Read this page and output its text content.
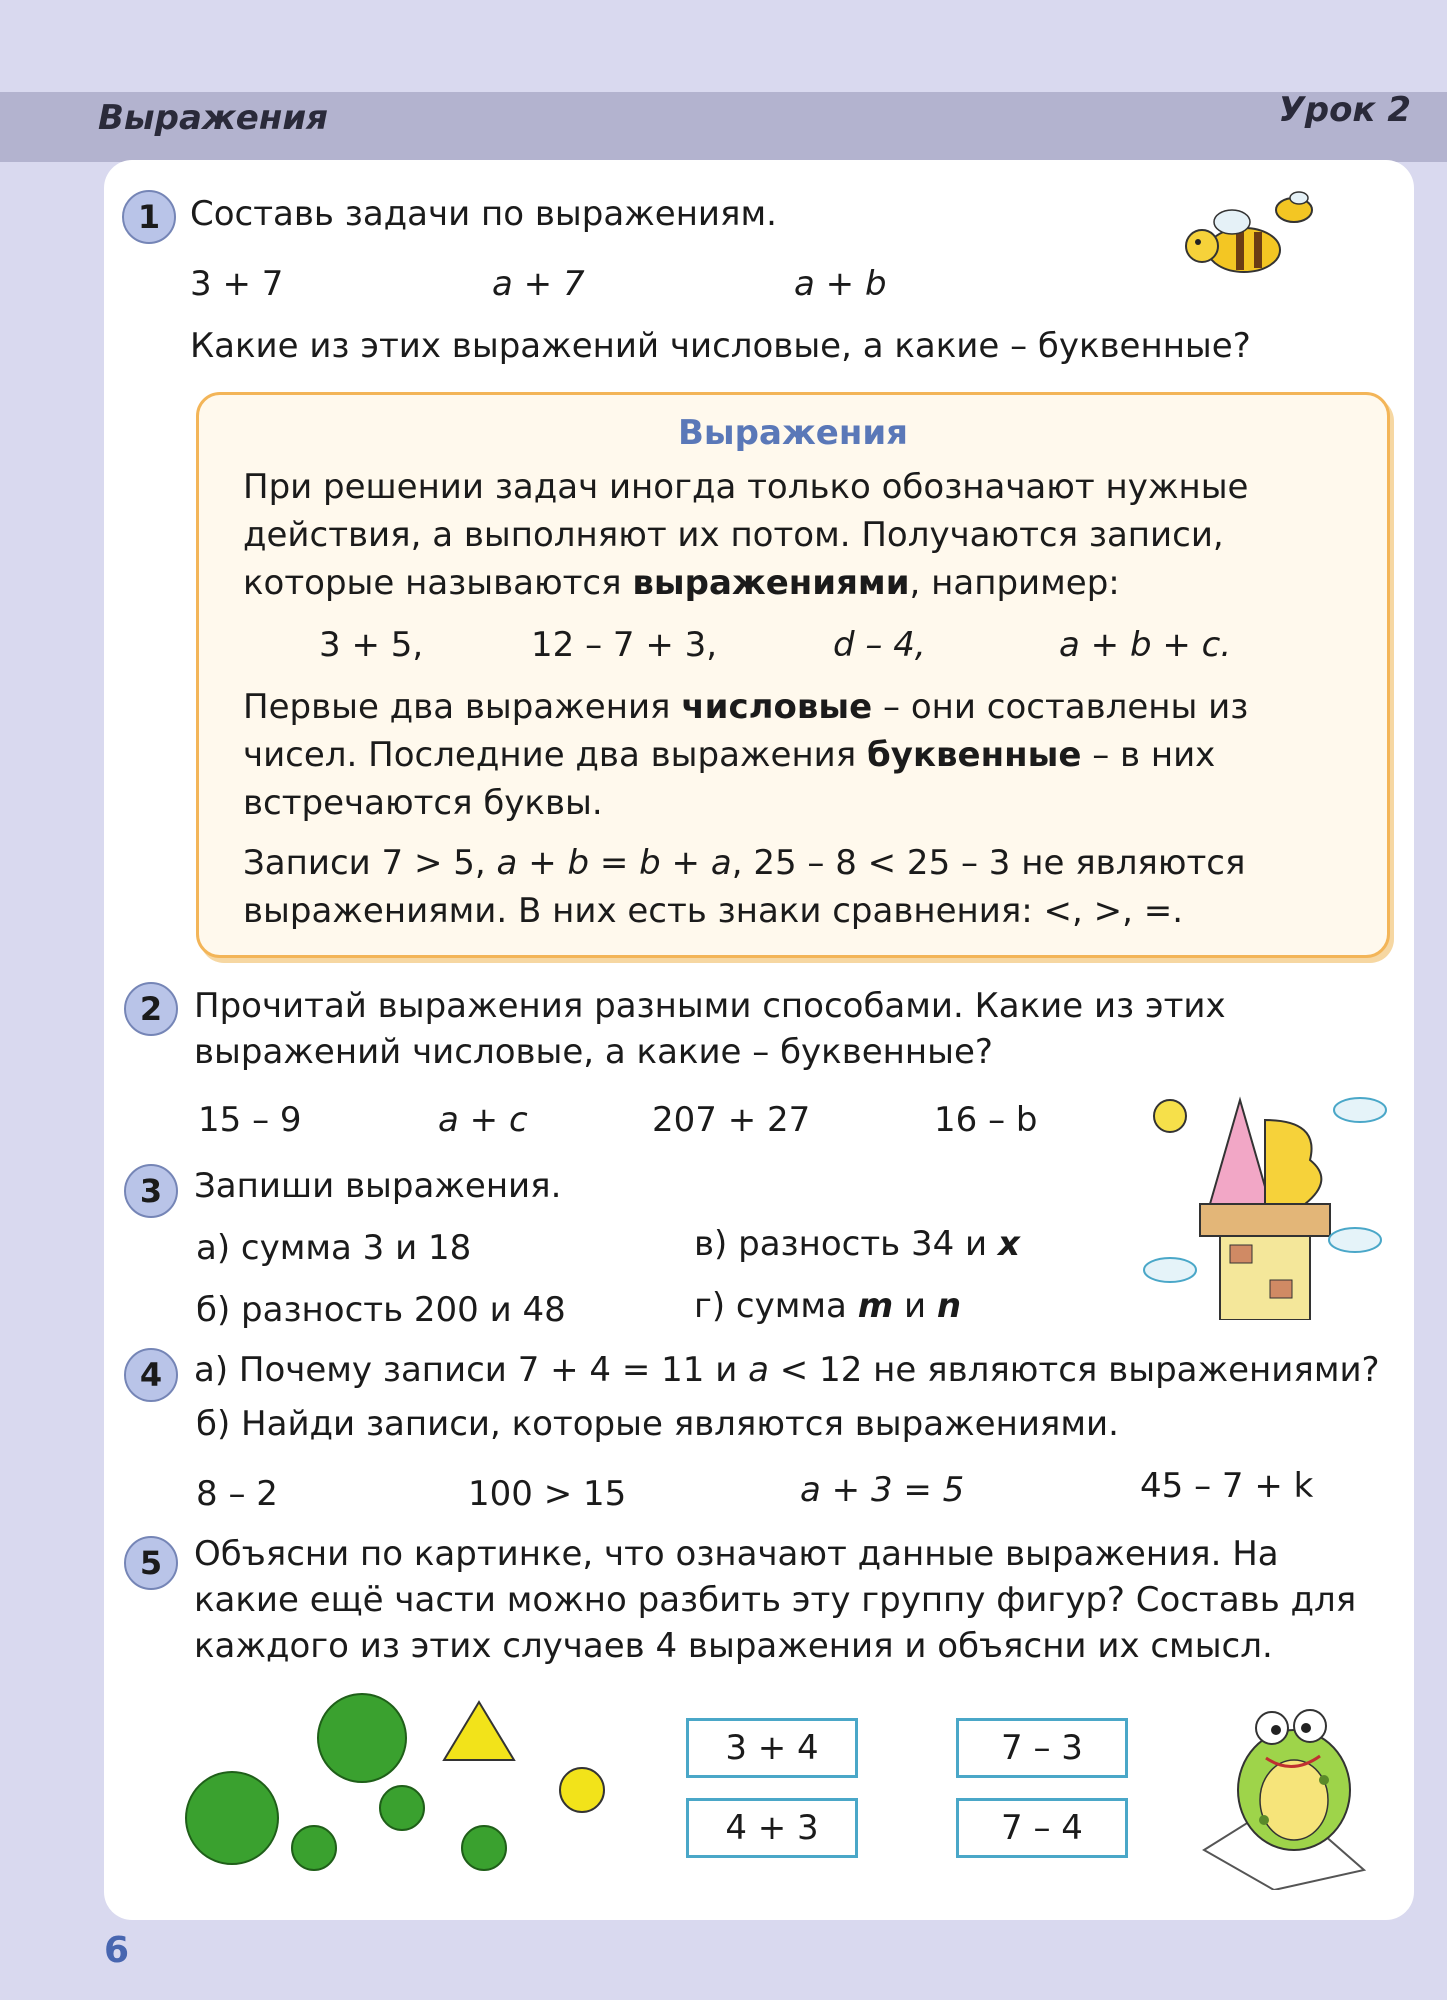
Выражения	Урок 2
1 Составь задачи по выражениям.
3 + 7	a + 7	a + b
Какие из этих выражений числовые, а какие – буквенные?
Выражения
При решении задач иногда только обозначают нужные
действия, а выполняют их потом. Получаются записи,
которые называются выражениями, например:
3 + 5,	12 – 7 + 3,	d – 4,	a + b + c.
Первые два выражения числовые – они составлены из
чисел. Последние два выражения буквенные – в них
встречаются буквы.
Записи 7 > 5, a + b = b + a, 25 – 8 < 25 – 3 не являются
выражениями. В них есть знаки сравнения: <, >, =.
2 Прочитай выражения разными способами. Какие из этих
выражений числовые, а какие – буквенные?
15 – 9	a + c	207 + 27	16 – b
3 Запиши выражения.
а) сумма 3 и 18	в) разность 34 и x
б) разность 200 и 48	г) сумма m и n
4 а) Почему записи 7 + 4 = 11 и a < 12 не являются выражениями?
б) Найди записи, которые являются выражениями.
8 – 2	100 > 15	a + 3 = 5	45 – 7 + k
5 Объясни по картинке, что означают данные выражения. На
какие ещё части можно разбить эту группу фигур? Составь для
каждого из этих случаев 4 выражения и объясни их смысл.
3 + 4	7 – 3
4 + 3	7 – 4
6
